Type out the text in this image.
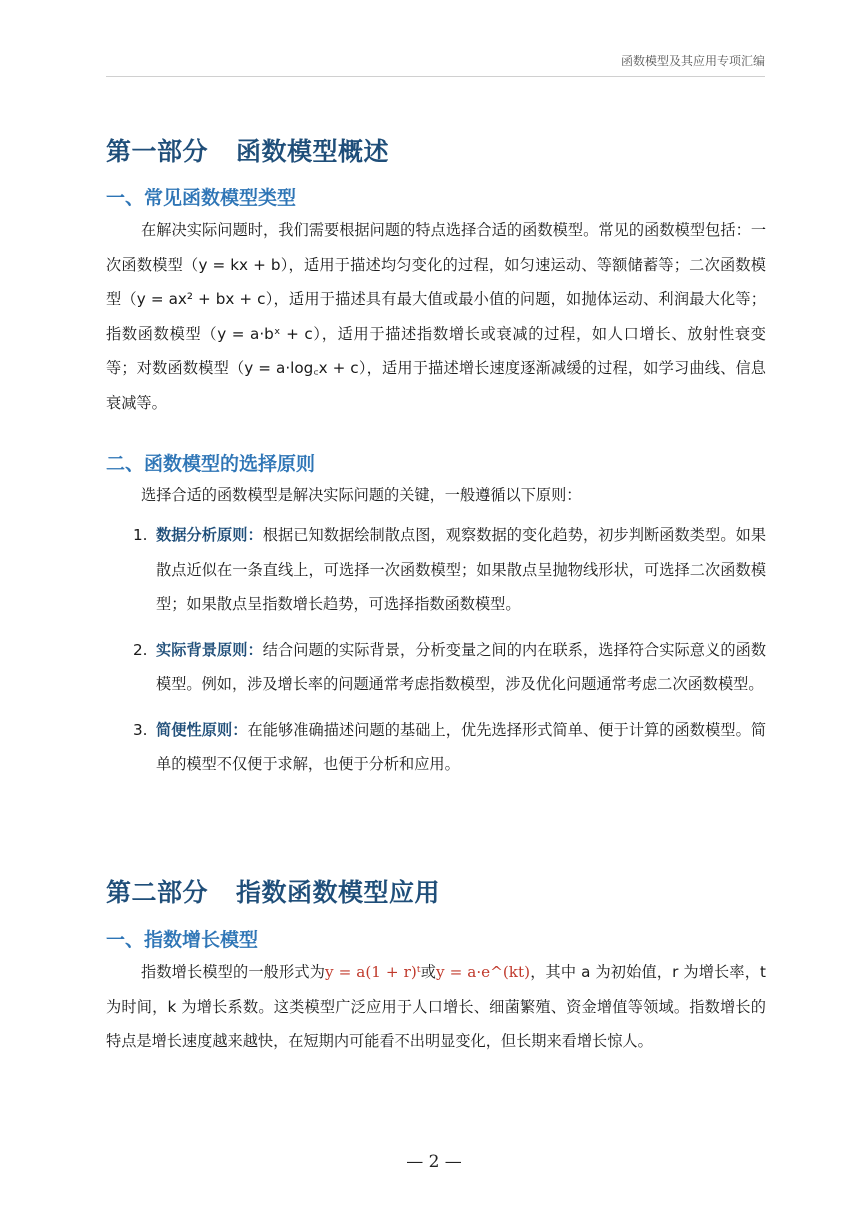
函数模型及其应用专项汇编
第一部分 函数模型概述
一、常见函数模型类型

在解决实际问题时，我们需要根据问题的特点选择合适的函数模型。常见的函数模型包括：一次函数模型（y = kx + b），适用于描述均匀变化的过程，如匀速运动、等额储蓄等；二次函数模型（y = ax² + bx + c），适用于描述具有最大值或最小值的问题，如抛体运动、利润最大化等；指数函数模型（y = a·bˣ + c），适用于描述指数增长或衰减的过程，如人口增长、放射性衰变等；对数函数模型（y = a·log꜀x + c），适用于描述增长速度逐渐减缓的过程，如学习曲线、信息衰减等。

二、函数模型的选择原则

选择合适的函数模型是解决实际问题的关键，一般遵循以下原则：

1. 数据分析原则：根据已知数据绘制散点图，观察数据的变化趋势，初步判断函数类型。如果散点近似在一条直线上，可选择一次函数模型；如果散点呈抛物线形状，可选择二次函数模型；如果散点呈指数增长趋势，可选择指数函数模型。
2. 实际背景原则：结合问题的实际背景，分析变量之间的内在联系，选择符合实际意义的函数模型。例如，涉及增长率的问题通常考虑指数模型，涉及优化问题通常考虑二次函数模型。
3. 简便性原则：在能够准确描述问题的基础上，优先选择形式简单、便于计算的函数模型。简单的模型不仅便于求解，也便于分析和应用。
第二部分 指数函数模型应用
一、指数增长模型

指数增长模型的一般形式为y = a(1 + r)ᵗ或y = a·e^(kt)，其中 a 为初始值，r 为增长率，t 为时间，k 为增长系数。这类模型广泛应用于人口增长、细菌繁殖、资金增值等领域。指数增长的特点是增长速度越来越快，在短期内可能看不出明显变化，但长期来看增长惊人。

— 2 —
